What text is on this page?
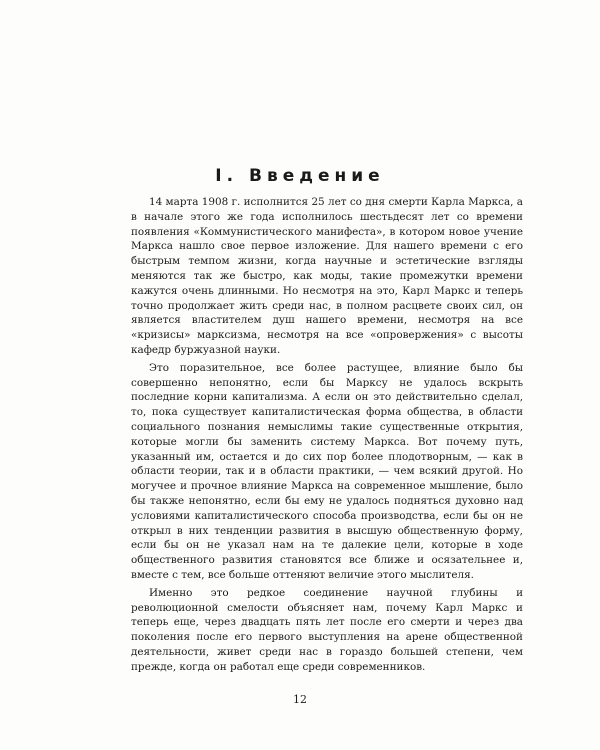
I. Введение

14 марта 1908 г. исполнится 25 лет со дня смерти Карла Маркса, а в начале этого же года исполнилось шестьдесят лет со времени появления «Коммунистического манифеста», в котором новое учение Маркса нашло свое первое изложение. Для нашего времени с его быстрым темпом жизни, когда научные и эстетические взгляды меняются так же быстро, как моды, такие промежутки времени кажутся очень длинными. Но несмотря на это, Карл Маркс и теперь точно продолжает жить среди нас, в полном расцвете своих сил, он является властителем душ нашего времени, несмотря на все «кризисы» марксизма, несмотря на все «опровержения» с высоты кафедр буржуазной науки.

Это поразительное, все более растущее, влияние было бы совершенно непонятно, если бы Марксу не удалось вскрыть последние корни капитализма. А если он это действительно сделал, то, пока существует капиталистическая форма общества, в области социального познания немыслимы такие существенные открытия, которые могли бы заменить систему Маркса. Вот почему путь, указанный им, остается и до сих пор более плодотворным, — как в области теории, так и в области практики, — чем всякий другой. Но могучее и прочное влияние Маркса на современное мышление, было бы также непонятно, если бы ему не удалось подняться духовно над условиями капиталистического способа производства, если бы он не открыл в них тенденции развития в высшую общественную форму, если бы он не указал нам на те далекие цели, которые в ходе общественного развития становятся все ближе и осязательнее и, вместе с тем, все больше оттеняют величие этого мыслителя.

Именно это редкое соединение научной глубины и революционной смелости объясняет нам, почему Карл Маркс и теперь еще, через двадцать пять лет после его смерти и через два поколения после его первого выступления на арене общественной деятельности, живет среди нас в гораздо большей степени, чем прежде, когда он работал еще среди современников.

12
